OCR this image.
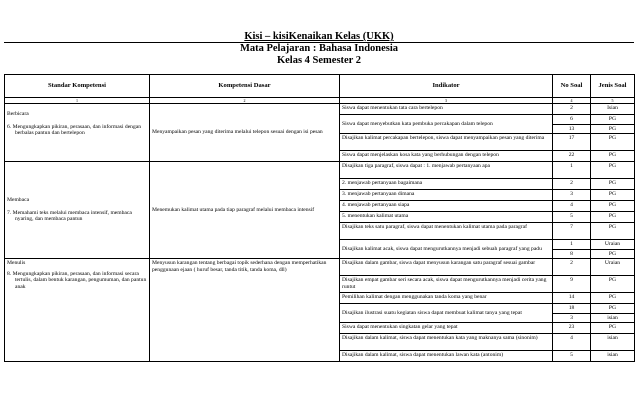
Kisi – kisiKenaikan Kelas (UKK)
Mata Pelajaran : Bahasa Indonesia
Kelas 4 Semester 2
Standar Kompetensi	Kompetensi Dasar	Indikator	No Soal	Jenis Soal
1	2	3	4	5

Berbicara
6. Mengungkapkan pikiran, perasaan, dan informasi dengan berbalas pantun dan bertelepon	Menyampaikan pesan yang diterima melalui telepon sesuai dengan isi pesan	Siswa dapat menentukan tata cara bertelepon	2	Isian
		Siswa dapat menyebutkan kata pembuka percakapan dalam telepon	6	PG
			13	PG
		Disajikan kalimat percakapan bertelepon, siswa dapat menyampaikan pesan yang diterima	17	PG
		Siswa dapat menjelaskan kosa kata yang berhubungan dengan telepon	22	PG

Membaca
7. Memahami teks melalui membaca intensif, membaca nyaring, dan membaca pantun	Menemukan kalimat utama pada tiap paragraf melalui membaca intensif	Disajikan tiga paragraf, siswa dapat : 1. menjawab pertanyaan apa	1	PG
		2. menjawab pertanyaan bagaimana	2	PG
		3. menjawab pertanyaan dimana	3	PG
		4. menjawab pertanyaan siapa	4	PG
		5. menentukan kalimat utama	5	PG
		Disajikan teks satu paragraf, siswa dapat menentukan kalimat utama pada paragraf	7	PG
		Disajikan kalimat acak, siswa dapat mengurutkannya menjadi sebuah paragraf yang padu	1	Uraian
			8	PG

Menulis
8. Mengungkapkan pikiran, perasaan, dan informasi secara tertulis, dalam bentuk karangan, pengumuman, dan pantun anak	Menyusun karangan tentang berbagai topik sederhana dengan memperhatikan penggunaan ejaan ( huruf besar, tanda titik, tanda koma, dll)	Disajikan dalam gambar, siswa dapat menyusun karangan satu paragraf sesuai gambar	2	Uraian
		Disajikan empat gambar seri secara acak, siswa dapat mengurutkannya menjadi cerita yang runtut	9	PG
		Pemilihan kalimat dengan menggunakan tanda koma yang benar	14	PG
		Disajikan ilustrasi suatu kegiatan siswa dapat membuat kalimat tanya yang tepat	18	PG
			3	isian
		Siswa dapat menentukan singkatan gelar yang tepat	23	PG
		Disajikan dalam kalimat, siswa dapat menentukan kata yang maknanya sama (sinonim)	4	isian
		Disajikan dalam kalimat, siswa dapat menentukan lawan kata (antonim)	5	isian
